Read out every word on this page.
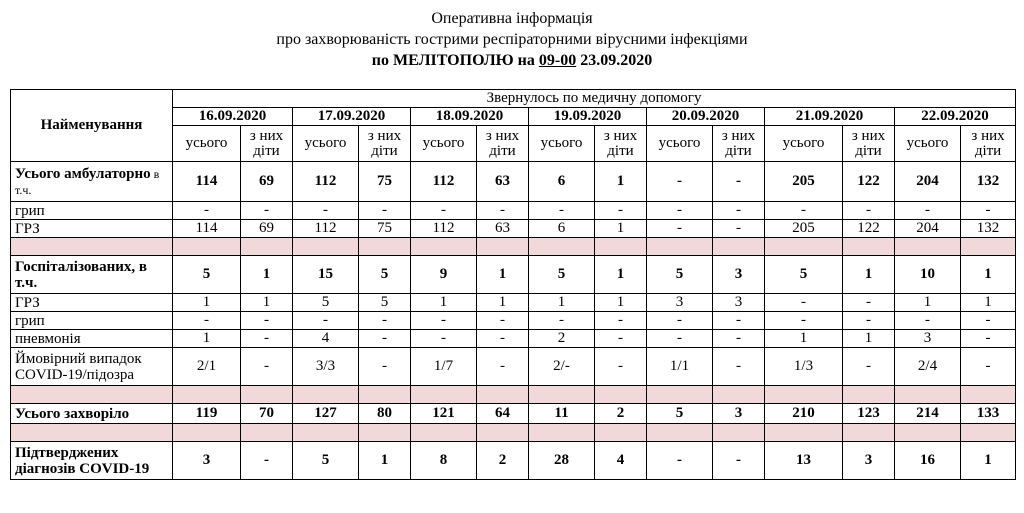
Оперативна інформація
про захворюваність гострими респіраторними вірусними інфекціями
по МЕЛІТОПОЛЮ на 09-00 23.09.2020
Найменування	Звернулось по медичну допомогу													
	16.09.2020		17.09.2020		18.09.2020		19.09.2020		20.09.2020		21.09.2020		22.09.2020	
	усього	з них діти	усього	з них діти	усього	з них діти	усього	з них діти	усього	з них діти	усього	з них діти	усього	з них діти
Усього амбулаторно в т.ч.	114	69	112	75	112	63	6	1	-	-	205	122	204	132
грип	-	-	-	-	-	-	-	-	-	-	-	-	-	-
ГРЗ	114	69	112	75	112	63	6	1	-	-	205	122	204	132

Госпіталізованих, в т.ч.	5	1	15	5	9	1	5	1	5	3	5	1	10	1
ГРЗ	1	1	5	5	1	1	1	1	3	3	-	-	1	1
грип	-	-	-	-	-	-	-	-	-	-	-	-	-	-
пневмонія	1	-	4	-	-	-	2	-	-	-	1	1	3	-
Ймовірний випадок COVID-19/підозра	2/1	-	3/3	-	1/7	-	2/-	-	1/1	-	1/3	-	2/4	-

Усього захворіло	119	70	127	80	121	64	11	2	5	3	210	123	214	133

Підтверджених діагнозів COVID-19	3	-	5	1	8	2	28	4	-	-	13	3	16	1
